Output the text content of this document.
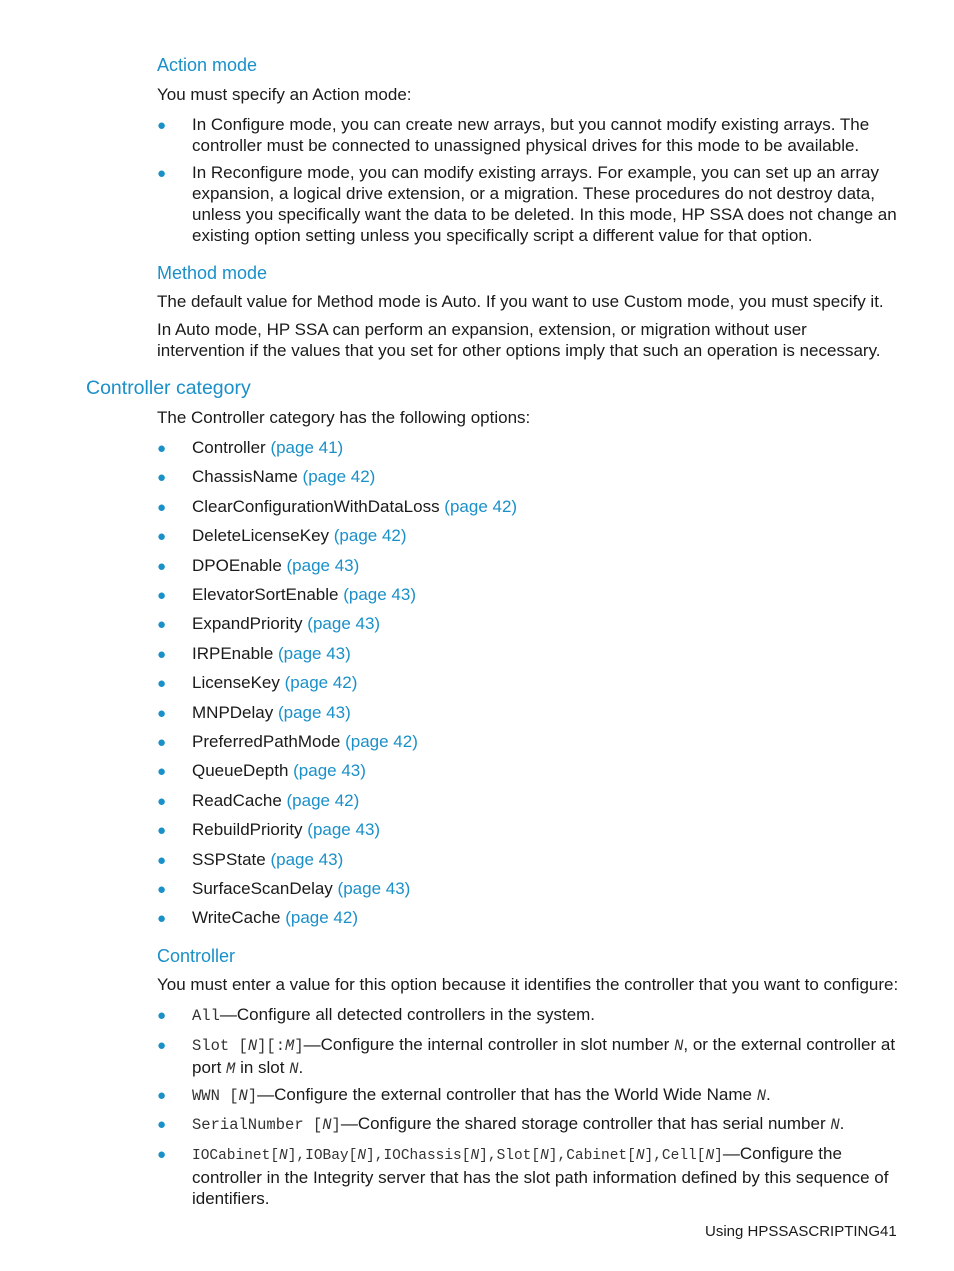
Action mode
You must specify an Action mode:
● In Configure mode, you can create new arrays, but you cannot modify existing arrays. The controller must be connected to unassigned physical drives for this mode to be available.
● In Reconfigure mode, you can modify existing arrays. For example, you can set up an array expansion, a logical drive extension, or a migration. These procedures do not destroy data, unless you specifically want the data to be deleted. In this mode, HP SSA does not change an existing option setting unless you specifically script a different value for that option.
Method mode
The default value for Method mode is Auto. If you want to use Custom mode, you must specify it.
In Auto mode, HP SSA can perform an expansion, extension, or migration without user intervention if the values that you set for other options imply that such an operation is necessary.
Controller category
The Controller category has the following options:
● Controller (page 41)
● ChassisName (page 42)
● ClearConfigurationWithDataLoss (page 42)
● DeleteLicenseKey (page 42)
● DPOEnable (page 43)
● ElevatorSortEnable (page 43)
● ExpandPriority (page 43)
● IRPEnable (page 43)
● LicenseKey (page 42)
● MNPDelay (page 43)
● PreferredPathMode (page 42)
● QueueDepth (page 43)
● ReadCache (page 42)
● RebuildPriority (page 43)
● SSPState (page 43)
● SurfaceScanDelay (page 43)
● WriteCache (page 42)
Controller
You must enter a value for this option because it identifies the controller that you want to configure:
● All—Configure all detected controllers in the system.
● Slot [N][:M]—Configure the internal controller in slot number N, or the external controller at port M in slot N.
● WWN [N]—Configure the external controller that has the World Wide Name N.
● SerialNumber [N]—Configure the shared storage controller that has serial number N.
● IOCabinet[N],IOBay[N],IOChassis[N],Slot[N],Cabinet[N],Cell[N]—Configure the controller in the Integrity server that has the slot path information defined by this sequence of identifiers.
Using HPSSASCRIPTING 41
